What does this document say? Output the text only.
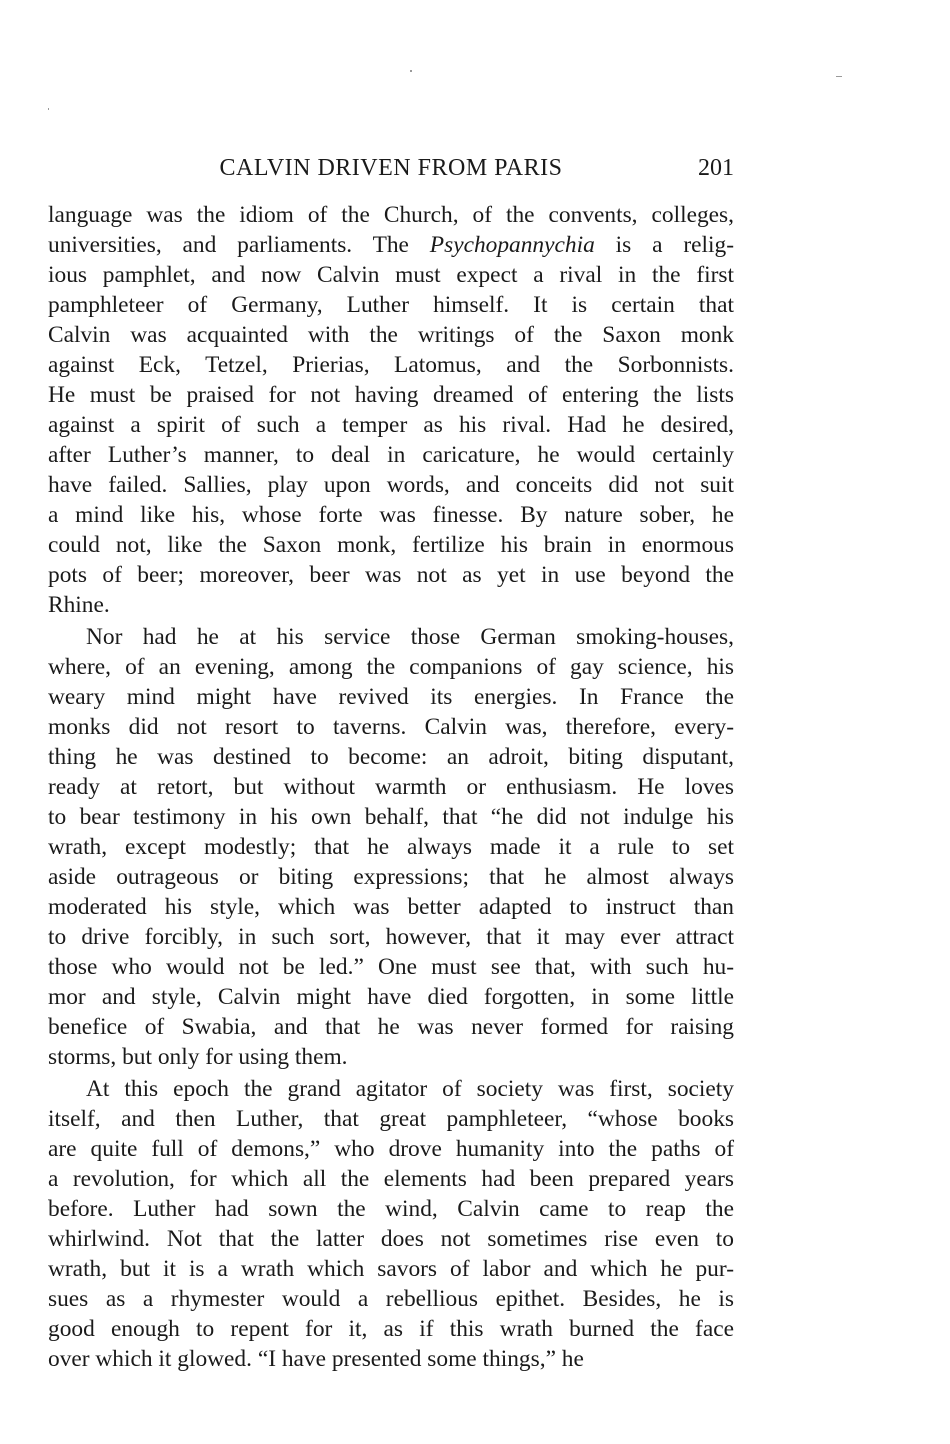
CALVIN DRIVEN FROM PARIS	201
language was the idiom of the Church, of the convents, colleges,
universities, and parliaments. The Psychopannychia is a relig-
ious pamphlet, and now Calvin must expect a rival in the first
pamphleteer of Germany, Luther himself. It is certain that
Calvin was acquainted with the writings of the Saxon monk
against Eck, Tetzel, Prierias, Latomus, and the Sorbonnists.
He must be praised for not having dreamed of entering the lists
against a spirit of such a temper as his rival. Had he desired,
after Luther’s manner, to deal in caricature, he would certainly
have failed. Sallies, play upon words, and conceits did not suit
a mind like his, whose forte was finesse. By nature sober, he
could not, like the Saxon monk, fertilize his brain in enormous
pots of beer; moreover, beer was not as yet in use beyond the
Rhine.
Nor had he at his service those German smoking-houses,
where, of an evening, among the companions of gay science, his
weary mind might have revived its energies. In France the
monks did not resort to taverns. Calvin was, therefore, every-
thing he was destined to become: an adroit, biting disputant,
ready at retort, but without warmth or enthusiasm. He loves
to bear testimony in his own behalf, that “he did not indulge his
wrath, except modestly; that he always made it a rule to set
aside outrageous or biting expressions; that he almost always
moderated his style, which was better adapted to instruct than
to drive forcibly, in such sort, however, that it may ever attract
those who would not be led.” One must see that, with such hu-
mor and style, Calvin might have died forgotten, in some little
benefice of Swabia, and that he was never formed for raising
storms, but only for using them.
At this epoch the grand agitator of society was first, society
itself, and then Luther, that great pamphleteer, “whose books
are quite full of demons,” who drove humanity into the paths of
a revolution, for which all the elements had been prepared years
before. Luther had sown the wind, Calvin came to reap the
whirlwind. Not that the latter does not sometimes rise even to
wrath, but it is a wrath which savors of labor and which he pur-
sues as a rhymester would a rebellious epithet. Besides, he is
good enough to repent for it, as if this wrath burned the face
over which it glowed. “I have presented some things,” he
